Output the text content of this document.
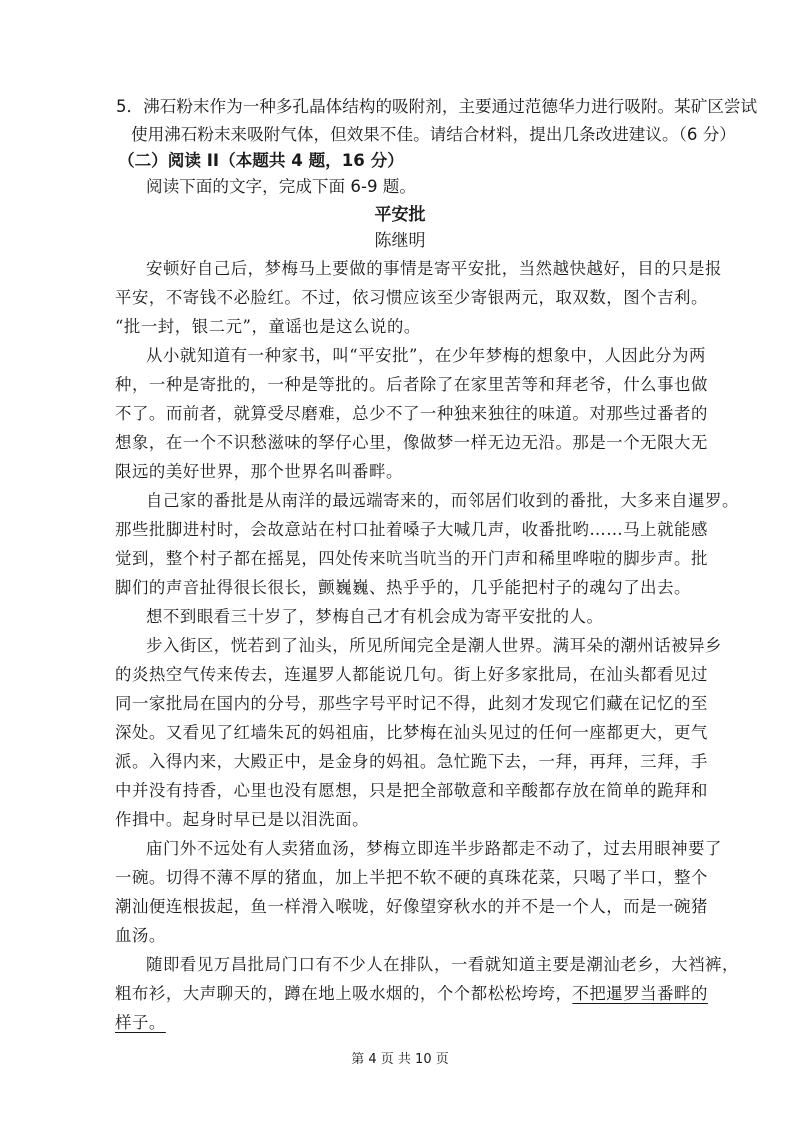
5．沸石粉末作为一种多孔晶体结构的吸附剂，主要通过范德华力进行吸附。某矿区尝试
使用沸石粉末来吸附气体，但效果不佳。请结合材料，提出几条改进建议。（6 分）
（二）阅读 II（本题共 4 题，16 分）
阅读下面的文字，完成下面 6-9 题。
平安批
陈继明
安顿好自己后，梦梅马上要做的事情是寄平安批，当然越快越好，目的只是报
平安，不寄钱不必脸红。不过，依习惯应该至少寄银两元，取双数，图个吉利。
“批一封，银二元”，童谣也是这么说的。
从小就知道有一种家书，叫“平安批”，在少年梦梅的想象中，人因此分为两
种，一种是寄批的，一种是等批的。后者除了在家里苦等和拜老爷，什么事也做
不了。而前者，就算受尽磨难，总少不了一种独来独往的味道。对那些过番者的
想象，在一个不识愁滋味的孥仔心里，像做梦一样无边无沿。那是一个无限大无
限远的美好世界，那个世界名叫番畔。
自己家的番批是从南洋的最远端寄来的，而邻居们收到的番批，大多来自暹罗。
那些批脚进村时，会故意站在村口扯着嗓子大喊几声，收番批哟……马上就能感
觉到，整个村子都在摇晃，四处传来吭当吭当的开门声和稀里哗啦的脚步声。批
脚们的声音扯得很长很长，颤巍巍、热乎乎的，几乎能把村子的魂勾了出去。
想不到眼看三十岁了，梦梅自己才有机会成为寄平安批的人。
步入街区，恍若到了汕头，所见所闻完全是潮人世界。满耳朵的潮州话被异乡
的炎热空气传来传去，连暹罗人都能说几句。街上好多家批局，在汕头都看见过
同一家批局在国内的分号，那些字号平时记不得，此刻才发现它们藏在记忆的至
深处。又看见了红墙朱瓦的妈祖庙，比梦梅在汕头见过的任何一座都更大，更气
派。入得内来，大殿正中，是金身的妈祖。急忙跪下去，一拜，再拜，三拜，手
中并没有持香，心里也没有愿想，只是把全部敬意和辛酸都存放在简单的跪拜和
作揖中。起身时早已是以泪洗面。
庙门外不远处有人卖猪血汤，梦梅立即连半步路都走不动了，过去用眼神要了
一碗。切得不薄不厚的猪血，加上半把不软不硬的真珠花菜，只喝了半口，整个
潮汕便连根拔起，鱼一样滑入喉咙，好像望穿秋水的并不是一个人，而是一碗猪
血汤。
随即看见万昌批局门口有不少人在排队，一看就知道主要是潮汕老乡，大裆裤，
粗布衫，大声聊天的，蹲在地上吸水烟的，个个都松松垮垮，不把暹罗当番畔的
样子。
第 4 页 共 10 页
